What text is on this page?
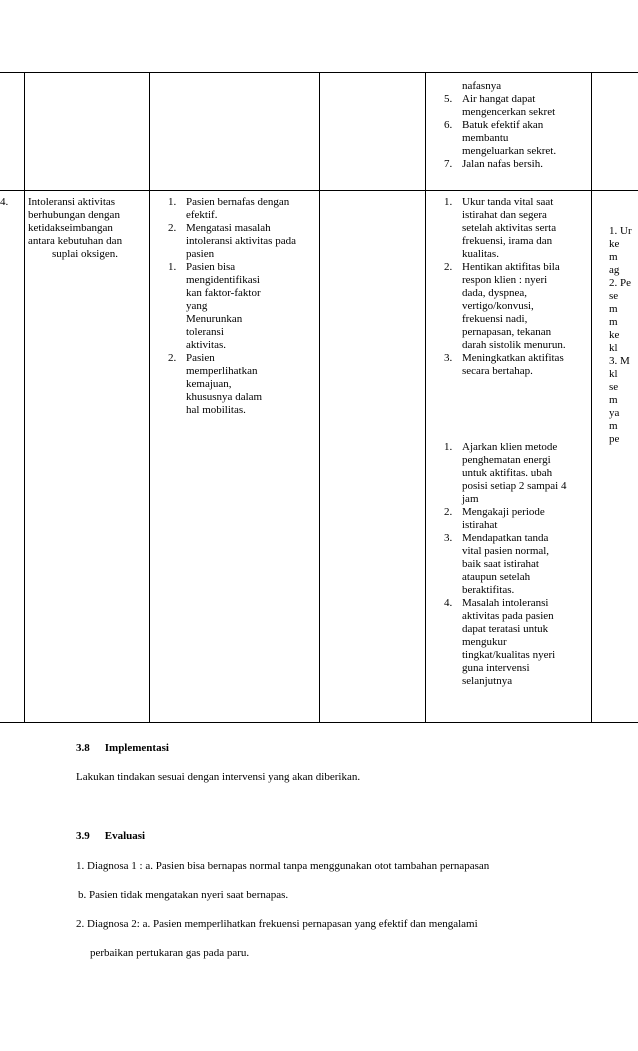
nafasnya
5. Air hangat dapat
mengencerkan sekret
6. Batuk efektif akan
membantu
mengeluarkan sekret.
7. Jalan nafas bersih.
4.	Intoleransi aktivitas
berhubungan dengan
ketidakseimbangan
antara kebutuhan dan
suplai oksigen.
1. Pasien bernafas dengan
efektif.
2. Mengatasi masalah
intoleransi aktivitas pada
pasien
1. Pasien bisa
mengidentifikasi
kan faktor-faktor
yang
Menurunkan
toleransi
aktivitas.
2. Pasien
memperlihatkan
kemajuan,
khususnya dalam
hal mobilitas.
1. Ukur tanda vital saat
istirahat dan segera
setelah aktivitas serta
frekuensi, irama dan
kualitas.
2. Hentikan aktifitas bila
respon klien : nyeri
dada, dyspnea,
vertigo/konvusi,
frekuensi nadi,
pernapasan, tekanan
darah sistolik menurun.
3. Meningkatkan aktifitas
secara bertahap.
1. Ajarkan klien metode
penghematan energi
untuk aktifitas. ubah
posisi setiap 2 sampai 4
jam
2. Mengakaji periode
istirahat
3. Mendapatkan tanda
vital pasien normal,
baik saat istirahat
ataupun setelah
beraktifitas.
4. Masalah intoleransi
aktivitas pada pasien
dapat teratasi untuk
mengukur
tingkat/kualitas nyeri
guna intervensi
selanjutnya
1. Ur
ke
m
ag
2. Pe
se
m
m
ke
kl
3. M
kl
se
m
ya
m
pe
3.8 Implementasi
Lakukan tindakan sesuai dengan intervensi yang akan diberikan.
3.9 Evaluasi
1. Diagnosa 1 : a. Pasien bisa bernapas normal tanpa menggunakan otot tambahan pernapasan
b. Pasien tidak mengatakan nyeri saat bernapas.
2. Diagnosa 2: a. Pasien memperlihatkan frekuensi pernapasan yang efektif dan mengalami
perbaikan pertukaran gas pada paru.
